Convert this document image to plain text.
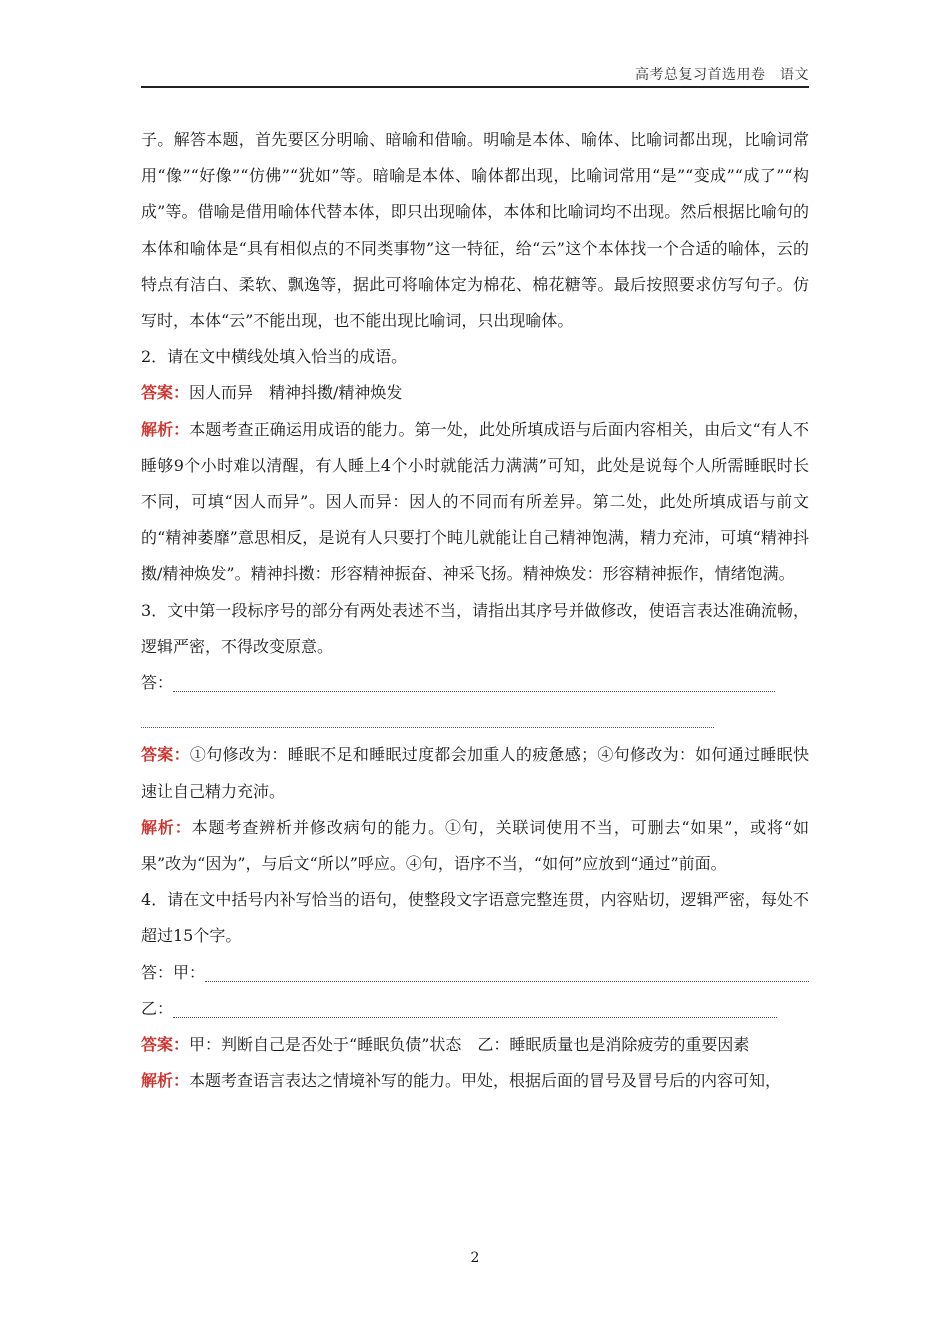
高考总复习首选用卷　语文

子。解答本题，首先要区分明喻、暗喻和借喻。明喻是本体、喻体、比喻词都出现，比喻词常用“像”“好像”“仿佛”“犹如”等。暗喻是本体、喻体都出现，比喻词常用“是”“变成”“成了”“构成”等。借喻是借用喻体代替本体，即只出现喻体，本体和比喻词均不出现。然后根据比喻句的本体和喻体是“具有相似点的不同类事物”这一特征，给“云”这个本体找一个合适的喻体，云的特点有洁白、柔软、飘逸等，据此可将喻体定为棉花、棉花糖等。最后按照要求仿写句子。仿写时，本体“云”不能出现，也不能出现比喻词，只出现喻体。

2．请在文中横线处填入恰当的成语。

答案：因人而异　精神抖擞/精神焕发

解析：本题考查正确运用成语的能力。第一处，此处所填成语与后面内容相关，由后文“有人不睡够9个小时难以清醒，有人睡上4个小时就能活力满满”可知，此处是说每个人所需睡眠时长不同，可填“因人而异”。因人而异：因人的不同而有所差异。第二处，此处所填成语与前文的“精神萎靡”意思相反，是说有人只要打个盹儿就能让自己精神饱满，精力充沛，可填“精神抖擞/精神焕发”。精神抖擞：形容精神振奋、神采飞扬。精神焕发：形容精神振作，情绪饱满。

3．文中第一段标序号的部分有两处表述不当，请指出其序号并做修改，使语言表达准确流畅，逻辑严密，不得改变原意。

答：

答案：①句修改为：睡眠不足和睡眠过度都会加重人的疲惫感；④句修改为：如何通过睡眠快速让自己精力充沛。

解析：本题考查辨析并修改病句的能力。①句，关联词使用不当，可删去“如果”，或将“如果”改为“因为”，与后文“所以”呼应。④句，语序不当，“如何”应放到“通过”前面。

4．请在文中括号内补写恰当的语句，使整段文字语意完整连贯，内容贴切，逻辑严密，每处不超过15个字。

答：甲：
乙：

答案：甲：判断自己是否处于“睡眠负债”状态　乙：睡眠质量也是消除疲劳的重要因素

解析：本题考查语言表达之情境补写的能力。甲处，根据后面的冒号及冒号后的内容可知，

2
